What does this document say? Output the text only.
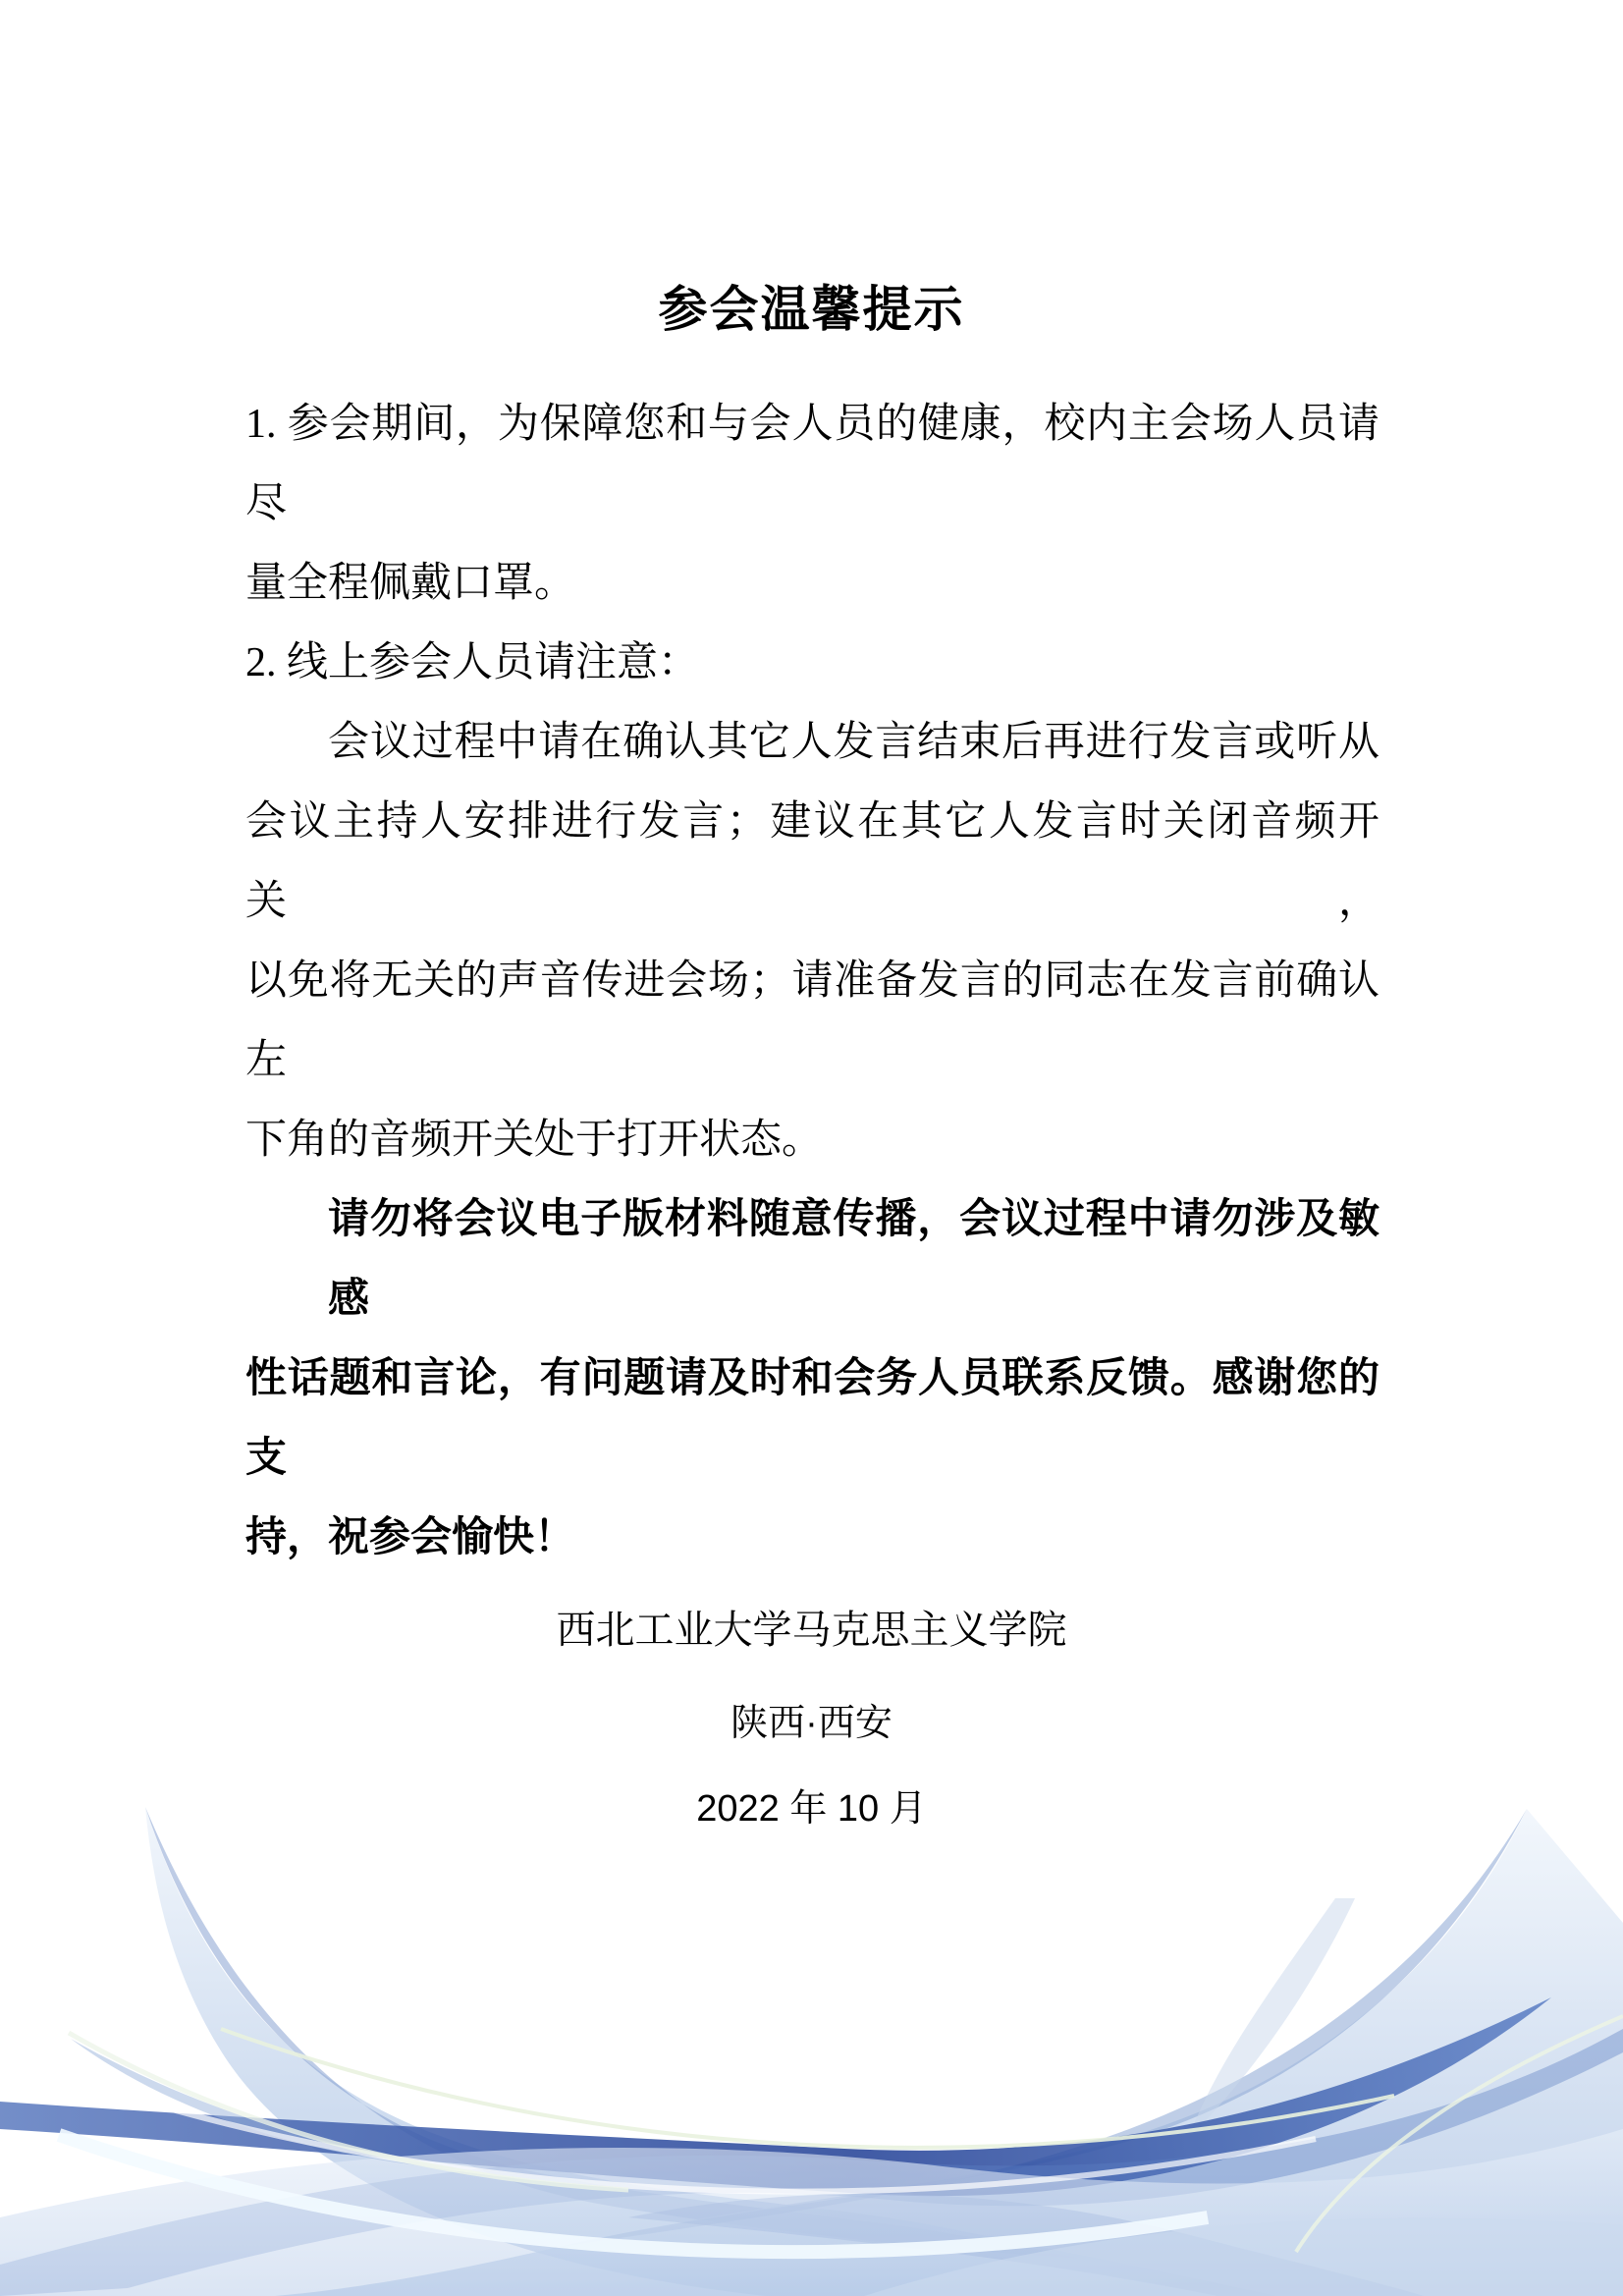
参会温馨提示
1. 参会期间，为保障您和与会人员的健康，校内主会场人员请尽
量全程佩戴口罩。
2. 线上参会人员请注意：
会议过程中请在确认其它人发言结束后再进行发言或听从
会议主持人安排进行发言；建议在其它人发言时关闭音频开关，
以免将无关的声音传进会场；请准备发言的同志在发言前确认左
下角的音频开关处于打开状态。
请勿将会议电子版材料随意传播，会议过程中请勿涉及敏感
性话题和言论，有问题请及时和会务人员联系反馈。感谢您的支
持，祝参会愉快！
西北工业大学马克思主义学院
陕西·西安
2022 年 10 月
